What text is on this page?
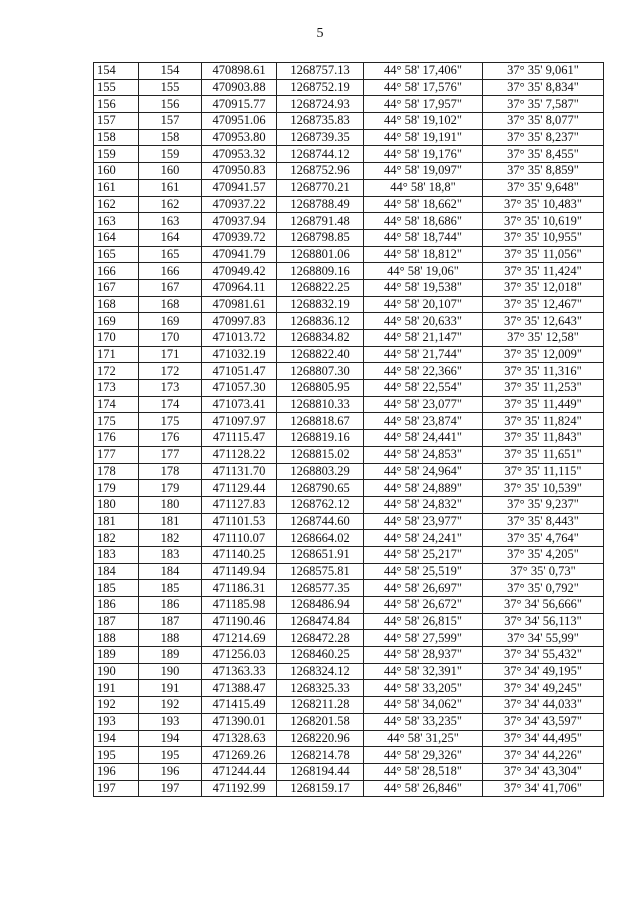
5
154	154	470898.61	1268757.13	44° 58' 17,406"	37° 35' 9,061"
155	155	470903.88	1268752.19	44° 58' 17,576"	37° 35' 8,834"
156	156	470915.77	1268724.93	44° 58' 17,957"	37° 35' 7,587"
157	157	470951.06	1268735.83	44° 58' 19,102"	37° 35' 8,077"
158	158	470953.80	1268739.35	44° 58' 19,191"	37° 35' 8,237"
159	159	470953.32	1268744.12	44° 58' 19,176"	37° 35' 8,455"
160	160	470950.83	1268752.96	44° 58' 19,097"	37° 35' 8,859"
161	161	470941.57	1268770.21	44° 58' 18,8"	37° 35' 9,648"
162	162	470937.22	1268788.49	44° 58' 18,662"	37° 35' 10,483"
163	163	470937.94	1268791.48	44° 58' 18,686"	37° 35' 10,619"
164	164	470939.72	1268798.85	44° 58' 18,744"	37° 35' 10,955"
165	165	470941.79	1268801.06	44° 58' 18,812"	37° 35' 11,056"
166	166	470949.42	1268809.16	44° 58' 19,06"	37° 35' 11,424"
167	167	470964.11	1268822.25	44° 58' 19,538"	37° 35' 12,018"
168	168	470981.61	1268832.19	44° 58' 20,107"	37° 35' 12,467"
169	169	470997.83	1268836.12	44° 58' 20,633"	37° 35' 12,643"
170	170	471013.72	1268834.82	44° 58' 21,147"	37° 35' 12,58"
171	171	471032.19	1268822.40	44° 58' 21,744"	37° 35' 12,009"
172	172	471051.47	1268807.30	44° 58' 22,366"	37° 35' 11,316"
173	173	471057.30	1268805.95	44° 58' 22,554"	37° 35' 11,253"
174	174	471073.41	1268810.33	44° 58' 23,077"	37° 35' 11,449"
175	175	471097.97	1268818.67	44° 58' 23,874"	37° 35' 11,824"
176	176	471115.47	1268819.16	44° 58' 24,441"	37° 35' 11,843"
177	177	471128.22	1268815.02	44° 58' 24,853"	37° 35' 11,651"
178	178	471131.70	1268803.29	44° 58' 24,964"	37° 35' 11,115"
179	179	471129.44	1268790.65	44° 58' 24,889"	37° 35' 10,539"
180	180	471127.83	1268762.12	44° 58' 24,832"	37° 35' 9,237"
181	181	471101.53	1268744.60	44° 58' 23,977"	37° 35' 8,443"
182	182	471110.07	1268664.02	44° 58' 24,241"	37° 35' 4,764"
183	183	471140.25	1268651.91	44° 58' 25,217"	37° 35' 4,205"
184	184	471149.94	1268575.81	44° 58' 25,519"	37° 35' 0,73"
185	185	471186.31	1268577.35	44° 58' 26,697"	37° 35' 0,792"
186	186	471185.98	1268486.94	44° 58' 26,672"	37° 34' 56,666"
187	187	471190.46	1268474.84	44° 58' 26,815"	37° 34' 56,113"
188	188	471214.69	1268472.28	44° 58' 27,599"	37° 34' 55,99"
189	189	471256.03	1268460.25	44° 58' 28,937"	37° 34' 55,432"
190	190	471363.33	1268324.12	44° 58' 32,391"	37° 34' 49,195"
191	191	471388.47	1268325.33	44° 58' 33,205"	37° 34' 49,245"
192	192	471415.49	1268211.28	44° 58' 34,062"	37° 34' 44,033"
193	193	471390.01	1268201.58	44° 58' 33,235"	37° 34' 43,597"
194	194	471328.63	1268220.96	44° 58' 31,25"	37° 34' 44,495"
195	195	471269.26	1268214.78	44° 58' 29,326"	37° 34' 44,226"
196	196	471244.44	1268194.44	44° 58' 28,518"	37° 34' 43,304"
197	197	471192.99	1268159.17	44° 58' 26,846"	37° 34' 41,706"
